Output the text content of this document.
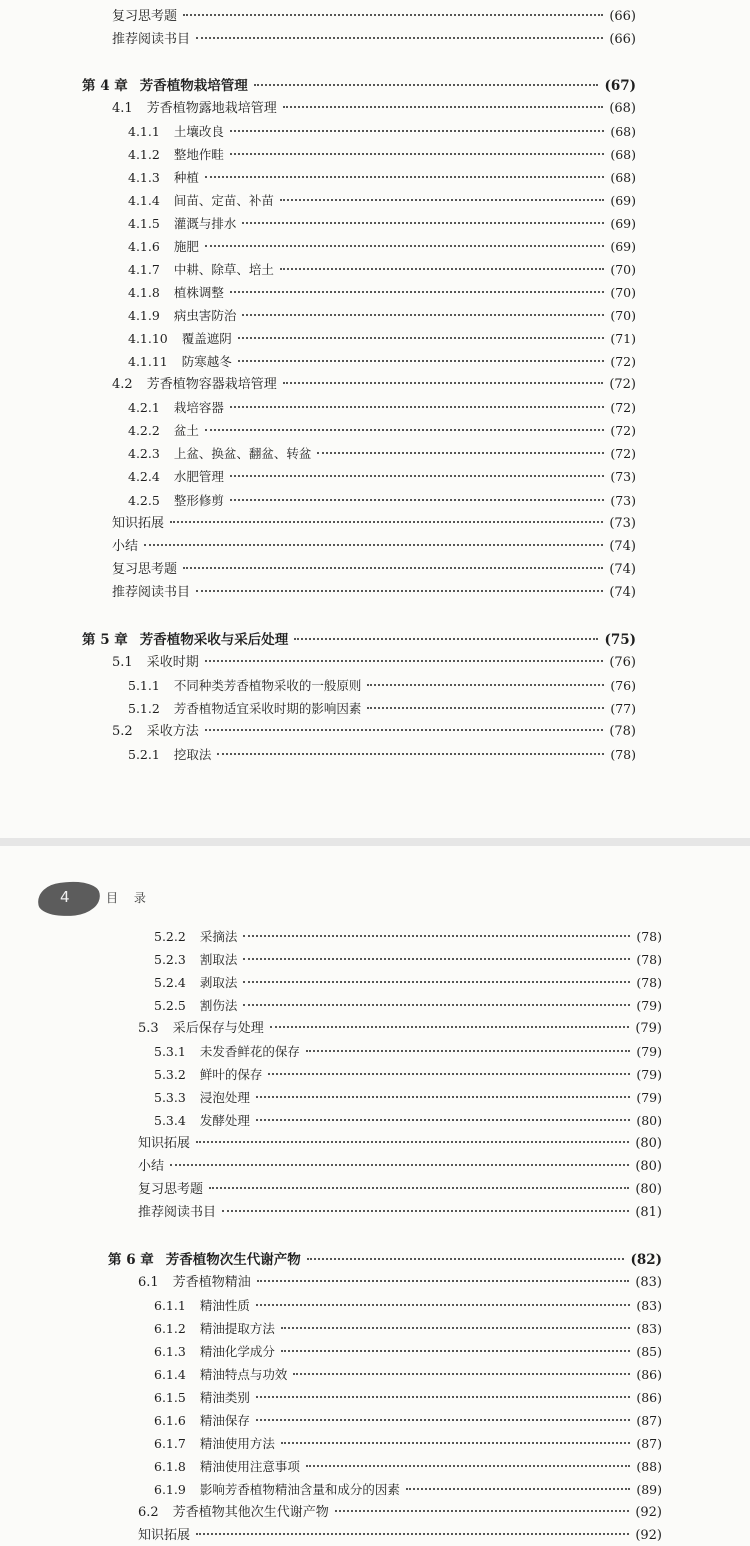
复习思考题	(66)
推荐阅读书目	(66)
第 4 章 芳香植物栽培管理	(67)
4.1 芳香植物露地栽培管理	(68)
4.1.1 土壤改良	(68)
4.1.2 整地作畦	(68)
4.1.3 种植	(68)
4.1.4 间苗、定苗、补苗	(69)
4.1.5 灌溉与排水	(69)
4.1.6 施肥	(69)
4.1.7 中耕、除草、培土	(70)
4.1.8 植株调整	(70)
4.1.9 病虫害防治	(70)
4.1.10 覆盖遮阴	(71)
4.1.11 防寒越冬	(72)
4.2 芳香植物容器栽培管理	(72)
4.2.1 栽培容器	(72)
4.2.2 盆土	(72)
4.2.3 上盆、换盆、翻盆、转盆	(72)
4.2.4 水肥管理	(73)
4.2.5 整形修剪	(73)
知识拓展	(73)
小结	(74)
复习思考题	(74)
推荐阅读书目	(74)
第 5 章 芳香植物采收与采后处理	(75)
5.1 采收时期	(76)
5.1.1 不同种类芳香植物采收的一般原则	(76)
5.1.2 芳香植物适宜采收时期的影响因素	(77)
5.2 采收方法	(78)
5.2.1 挖取法	(78)
4	目 录
5.2.2 采摘法	(78)
5.2.3 割取法	(78)
5.2.4 剥取法	(78)
5.2.5 割伤法	(79)
5.3 采后保存与处理	(79)
5.3.1 未发香鲜花的保存	(79)
5.3.2 鲜叶的保存	(79)
5.3.3 浸泡处理	(79)
5.3.4 发酵处理	(80)
知识拓展	(80)
小结	(80)
复习思考题	(80)
推荐阅读书目	(81)
第 6 章 芳香植物次生代谢产物	(82)
6.1 芳香植物精油	(83)
6.1.1 精油性质	(83)
6.1.2 精油提取方法	(83)
6.1.3 精油化学成分	(85)
6.1.4 精油特点与功效	(86)
6.1.5 精油类别	(86)
6.1.6 精油保存	(87)
6.1.7 精油使用方法	(87)
6.1.8 精油使用注意事项	(88)
6.1.9 影响芳香植物精油含量和成分的因素	(89)
6.2 芳香植物其他次生代谢产物	(92)
知识拓展	(92)
